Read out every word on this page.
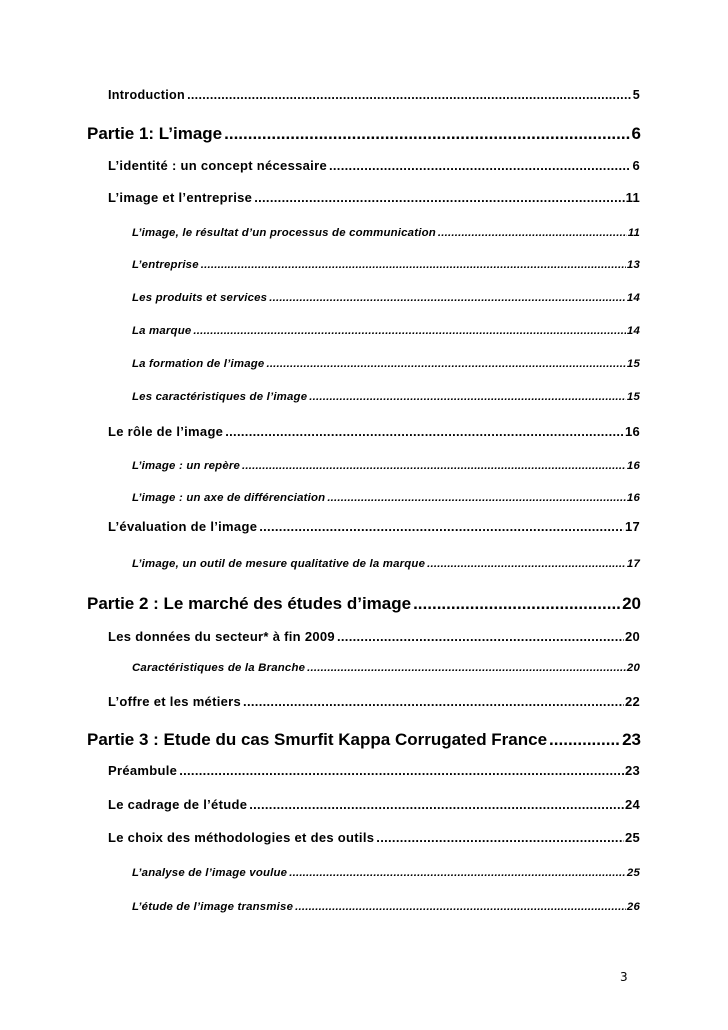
Introduction .....	5
Partie 1: L’image .....	6
L’identité : un concept nécessaire .....	6
L’image et l’entreprise .....	11
L’image, le résultat d’un processus de communication .....	11
L’entreprise .....	13
Les produits et services .....	14
La marque .....	14
La formation de l’image .....	15
Les caractéristiques de l’image .....	15
Le rôle de l’image .....	16
L’image : un repère .....	16
L’image : un axe de différenciation .....	16
L’évaluation de l’image .....	17
L’image, un outil de mesure qualitative de la marque .....	17
Partie 2 : Le marché des études d’image .....	20
Les données du secteur* à fin 2009 .....	20
Caractéristiques de la Branche .....	20
L’offre et les métiers .....	22
Partie 3 : Etude du cas Smurfit Kappa Corrugated France .....	23
Préambule .....	23
Le cadrage de l’étude .....	24
Le choix des méthodologies et des outils .....	25
L’analyse de l’image voulue .....	25
L’étude de l’image transmise .....	26
3
